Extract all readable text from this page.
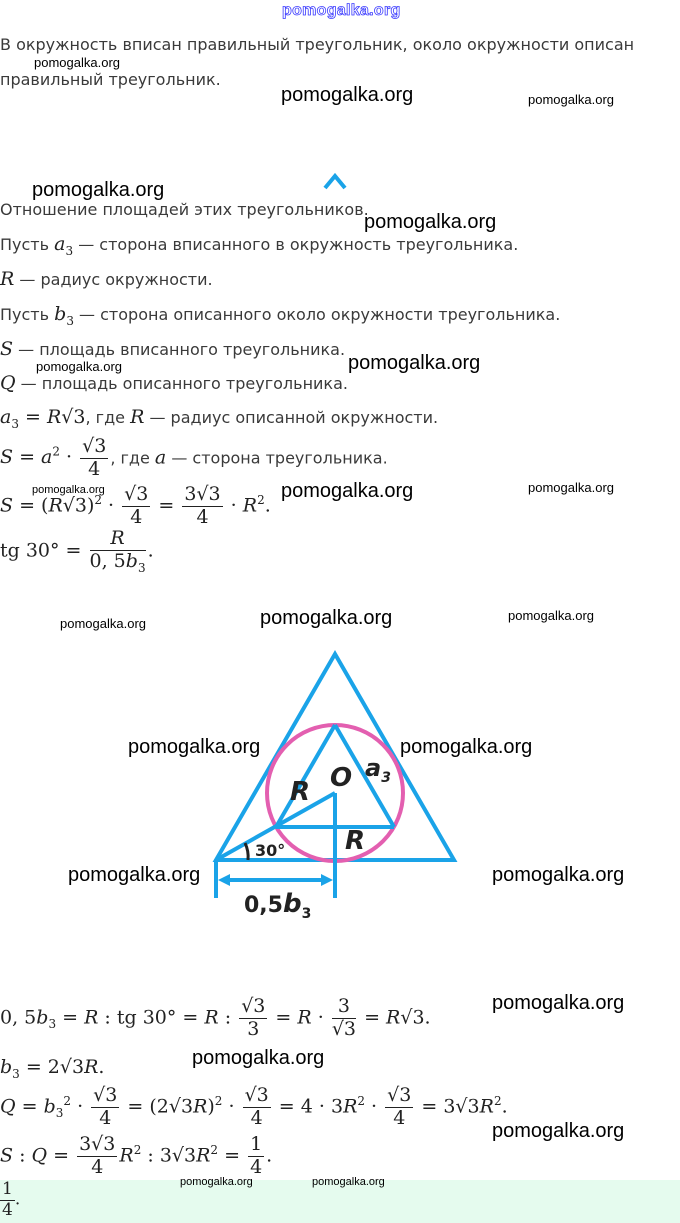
pomogalka.org
В окружность вписан правильный треугольник, около окружности описан
правильный треугольник.
Отношение площадей этих треугольников.
Пусть $a_3$ — сторона вписанного в окружность треугольника.
R — радиус окружности.
Пусть $b_3$ — сторона описанного около окружности треугольника.
S — площадь вписанного треугольника.
Q — площадь описанного треугольника.
$a_3 = R√3$, где R — радиус описанной окружности.
$S = a^2 \cdot \frac{√3}{4}$ , где a — сторона треугольника.
$S = (R√3)^2 \cdot \frac{√3}{4} = \frac{3√3}{4} \cdot R^2$.
tg $30^\circ = \frac{R}{0, 5b_3}$ .
O
R
R
$a_3$
30°
$0,5b_3$
0, $5b_3 = R$ : tg 30° = R : $\frac{√3}{3} = R \cdot \frac{3}{√3} = R√3$.
$b_3 = 2√3R$.
$Q = b_3^2 \cdot \frac{√3}{4} = (2√3R)^2 \cdot \frac{√3}{4} = 4 \cdot 3R^2 \cdot \frac{√3}{4} = 3√3R^2$.
S : $Q = \frac{3√3}{4} R^2$ : $3√3R^2 = \frac{1}{4}$ .
$\frac{1}{4}$ .
pomogalka.org
pomogalka.org	pomogalka.org
pomogalka.org
pomogalka.org
pomogalka.org	pomogalka.org
pomogalka.org	pomogalka.org	pomogalka.org
pomogalka.org	pomogalka.org	pomogalka.org
pomogalka.org	pomogalka.org
pomogalka.org	pomogalka.org
pomogalka.org
pomogalka.org
pomogalka.org
pomogalka.org	pomogalka.org
